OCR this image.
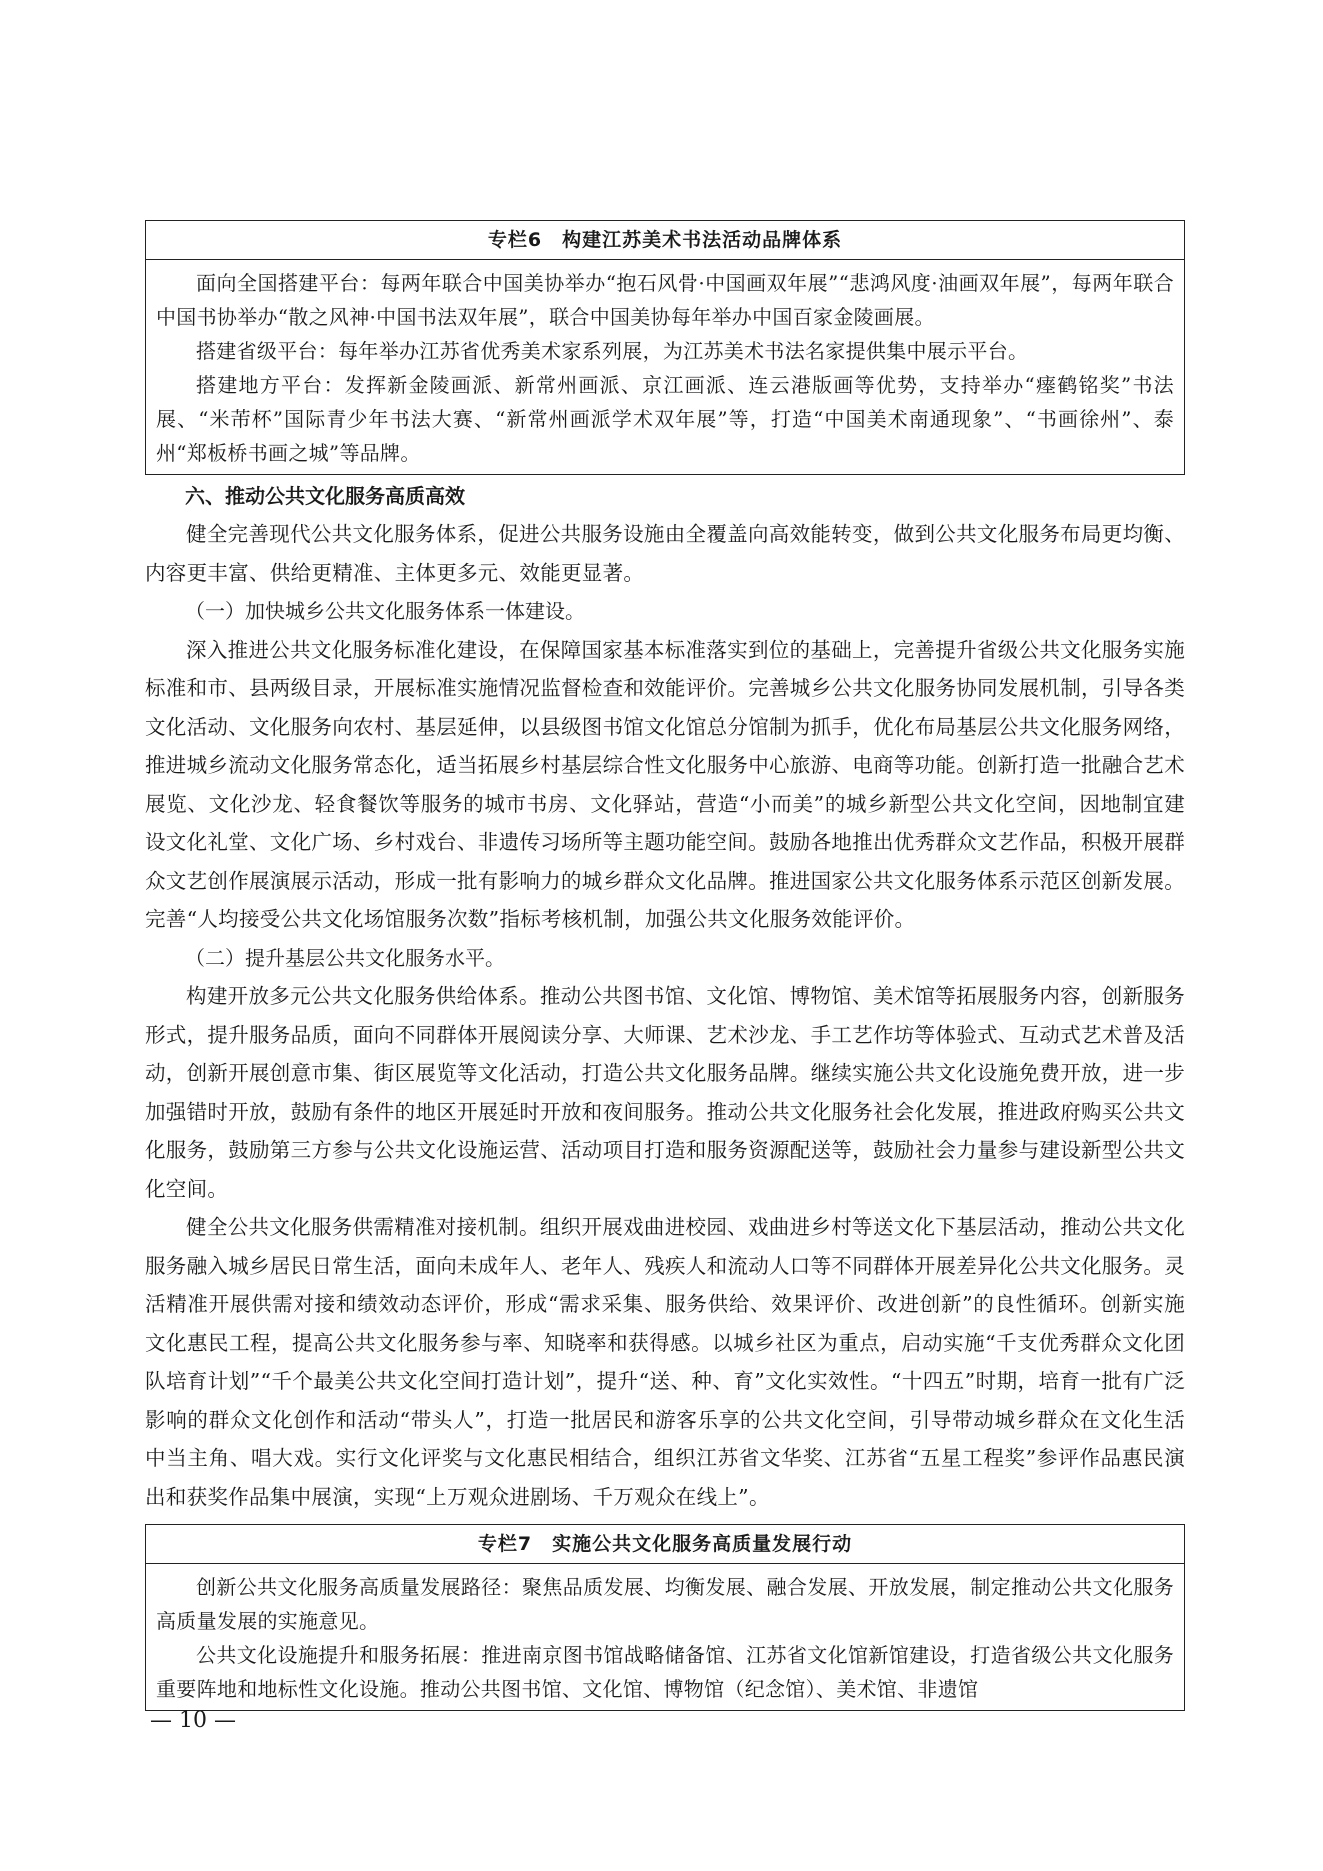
专栏6　构建江苏美术书法活动品牌体系

面向全国搭建平台：每两年联合中国美协举办“抱石风骨·中国画双年展”“悲鸿风度·油画双年展”，每两年联合中国书协举办“散之风神·中国书法双年展”，联合中国美协每年举办中国百家金陵画展。

搭建省级平台：每年举办江苏省优秀美术家系列展，为江苏美术书法名家提供集中展示平台。

搭建地方平台：发挥新金陵画派、新常州画派、京江画派、连云港版画等优势，支持举办“瘗鹤铭奖”书法展、“米芾杯”国际青少年书法大赛、“新常州画派学术双年展”等，打造“中国美术南通现象”、“书画徐州”、泰州“郑板桥书画之城”等品牌。

六、推动公共文化服务高质高效

健全完善现代公共文化服务体系，促进公共服务设施由全覆盖向高效能转变，做到公共文化服务布局更均衡、内容更丰富、供给更精准、主体更多元、效能更显著。

（一）加快城乡公共文化服务体系一体建设。

深入推进公共文化服务标准化建设，在保障国家基本标准落实到位的基础上，完善提升省级公共文化服务实施标准和市、县两级目录，开展标准实施情况监督检查和效能评价。完善城乡公共文化服务协同发展机制，引导各类文化活动、文化服务向农村、基层延伸，以县级图书馆文化馆总分馆制为抓手，优化布局基层公共文化服务网络，推进城乡流动文化服务常态化，适当拓展乡村基层综合性文化服务中心旅游、电商等功能。创新打造一批融合艺术展览、文化沙龙、轻食餐饮等服务的城市书房、文化驿站，营造“小而美”的城乡新型公共文化空间，因地制宜建设文化礼堂、文化广场、乡村戏台、非遗传习场所等主题功能空间。鼓励各地推出优秀群众文艺作品，积极开展群众文艺创作展演展示活动，形成一批有影响力的城乡群众文化品牌。推进国家公共文化服务体系示范区创新发展。完善“人均接受公共文化场馆服务次数”指标考核机制，加强公共文化服务效能评价。

（二）提升基层公共文化服务水平。

构建开放多元公共文化服务供给体系。推动公共图书馆、文化馆、博物馆、美术馆等拓展服务内容，创新服务形式，提升服务品质，面向不同群体开展阅读分享、大师课、艺术沙龙、手工艺作坊等体验式、互动式艺术普及活动，创新开展创意市集、街区展览等文化活动，打造公共文化服务品牌。继续实施公共文化设施免费开放，进一步加强错时开放，鼓励有条件的地区开展延时开放和夜间服务。推动公共文化服务社会化发展，推进政府购买公共文化服务，鼓励第三方参与公共文化设施运营、活动项目打造和服务资源配送等，鼓励社会力量参与建设新型公共文化空间。

健全公共文化服务供需精准对接机制。组织开展戏曲进校园、戏曲进乡村等送文化下基层活动，推动公共文化服务融入城乡居民日常生活，面向未成年人、老年人、残疾人和流动人口等不同群体开展差异化公共文化服务。灵活精准开展供需对接和绩效动态评价，形成“需求采集、服务供给、效果评价、改进创新”的良性循环。创新实施文化惠民工程，提高公共文化服务参与率、知晓率和获得感。以城乡社区为重点，启动实施“千支优秀群众文化团队培育计划”“千个最美公共文化空间打造计划”，提升“送、种、育”文化实效性。“十四五”时期，培育一批有广泛影响的群众文化创作和活动“带头人”，打造一批居民和游客乐享的公共文化空间，引导带动城乡群众在文化生活中当主角、唱大戏。实行文化评奖与文化惠民相结合，组织江苏省文华奖、江苏省“五星工程奖”参评作品惠民演出和获奖作品集中展演，实现“上万观众进剧场、千万观众在线上”。

专栏7　实施公共文化服务高质量发展行动

创新公共文化服务高质量发展路径：聚焦品质发展、均衡发展、融合发展、开放发展，制定推动公共文化服务高质量发展的实施意见。

公共文化设施提升和服务拓展：推进南京图书馆战略储备馆、江苏省文化馆新馆建设，打造省级公共文化服务重要阵地和地标性文化设施。推动公共图书馆、文化馆、博物馆（纪念馆）、美术馆、非遗馆

— 10 —
